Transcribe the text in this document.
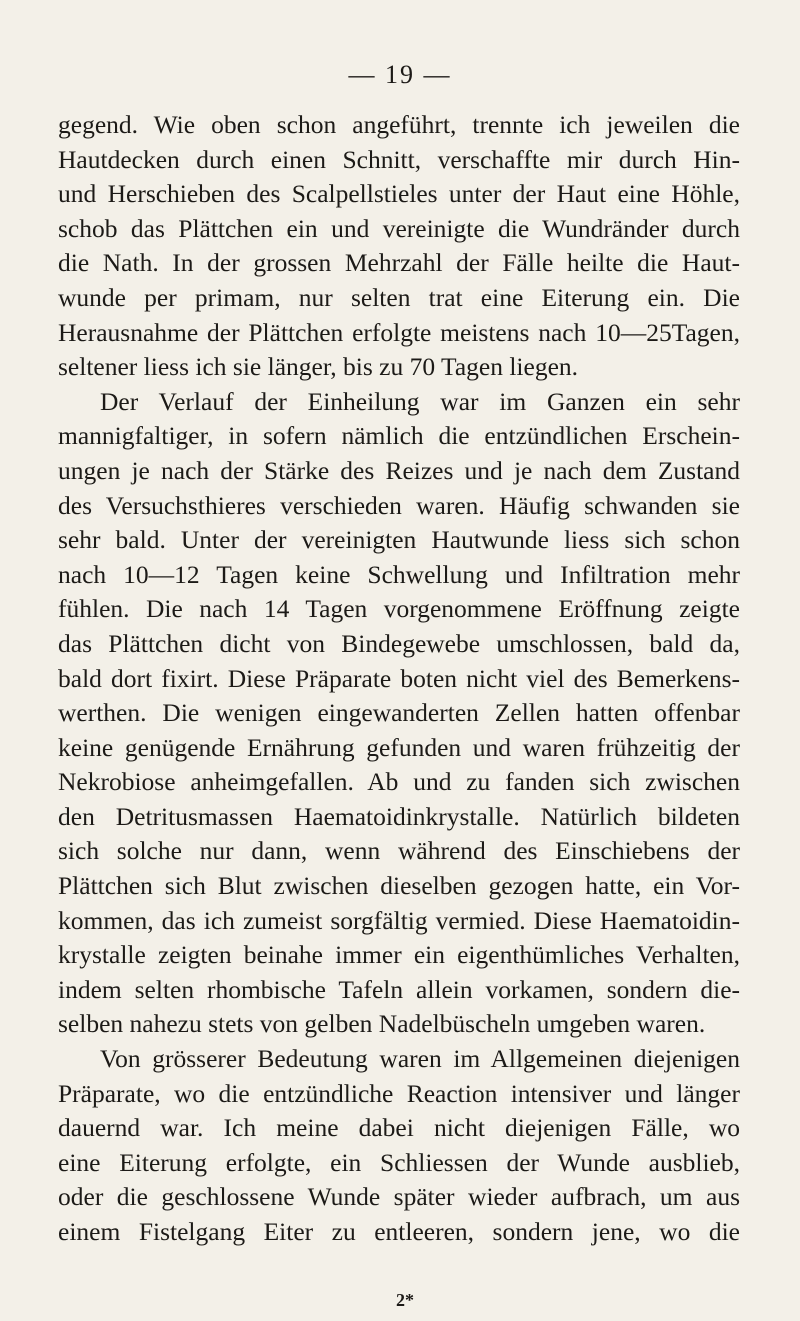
— 19 —
gegend. Wie oben schon angeführt, trennte ich jeweilen die
Hautdecken durch einen Schnitt, verschaffte mir durch Hin-
und Herschieben des Scalpellstieles unter der Haut eine Höhle,
schob das Plättchen ein und vereinigte die Wundränder durch
die Nath. In der grossen Mehrzahl der Fälle heilte die Haut-
wunde per primam, nur selten trat eine Eiterung ein. Die
Herausnahme der Plättchen erfolgte meistens nach 10—25Tagen,
seltener liess ich sie länger, bis zu 70 Tagen liegen.
Der Verlauf der Einheilung war im Ganzen ein sehr
mannigfaltiger, in sofern nämlich die entzündlichen Erschein-
ungen je nach der Stärke des Reizes und je nach dem Zustand
des Versuchsthieres verschieden waren. Häufig schwanden sie
sehr bald. Unter der vereinigten Hautwunde liess sich schon
nach 10—12 Tagen keine Schwellung und Infiltration mehr
fühlen. Die nach 14 Tagen vorgenommene Eröffnung zeigte
das Plättchen dicht von Bindegewebe umschlossen, bald da,
bald dort fixirt. Diese Präparate boten nicht viel des Bemerkens-
werthen. Die wenigen eingewanderten Zellen hatten offenbar
keine genügende Ernährung gefunden und waren frühzeitig der
Nekrobiose anheimgefallen. Ab und zu fanden sich zwischen
den Detritusmassen Haematoidinkrystalle. Natürlich bildeten
sich solche nur dann, wenn während des Einschiebens der
Plättchen sich Blut zwischen dieselben gezogen hatte, ein Vor-
kommen, das ich zumeist sorgfältig vermied. Diese Haematoidin-
krystalle zeigten beinahe immer ein eigenthümliches Verhalten,
indem selten rhombische Tafeln allein vorkamen, sondern die-
selben nahezu stets von gelben Nadelbüscheln umgeben waren.
Von grösserer Bedeutung waren im Allgemeinen diejenigen
Präparate, wo die entzündliche Reaction intensiver und länger
dauernd war. Ich meine dabei nicht diejenigen Fälle, wo
eine Eiterung erfolgte, ein Schliessen der Wunde ausblieb,
oder die geschlossene Wunde später wieder aufbrach, um aus
einem Fistelgang Eiter zu entleeren, sondern jene, wo die
2*
